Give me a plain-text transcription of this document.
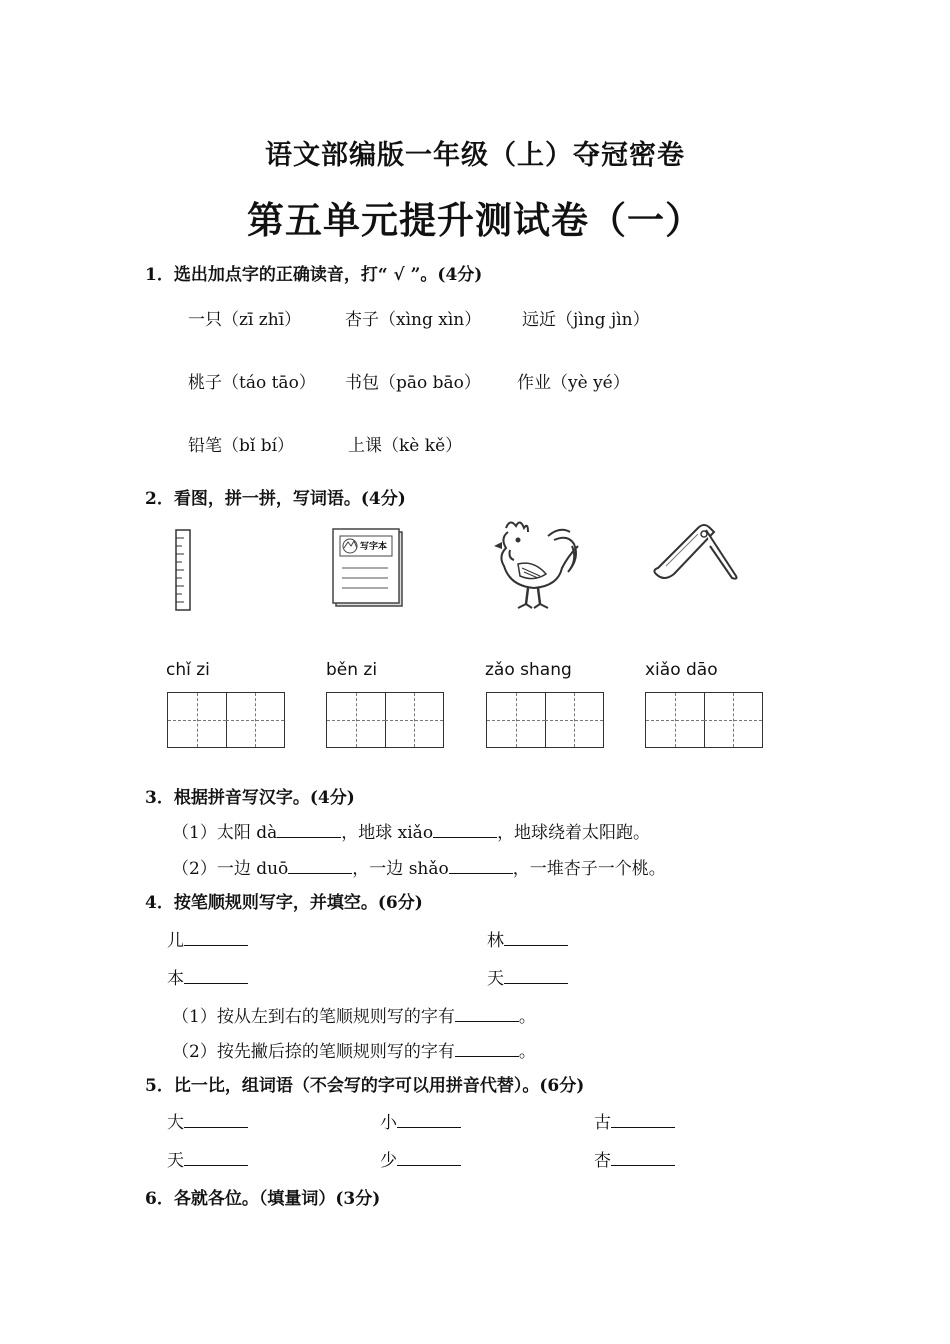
语文部编版一年级（上）夺冠密卷
第五单元提升测试卷（一）
1．选出加点字的正确读音，打“ √ ”。(4分)
一只（zī zhī）	杏子（xìng xìn） 远近（jìng jìn）
桃子（táo tāo） 书包（pāo bāo） 作业（yè yé）
铅笔（bǐ bí）	上课（kè kě）
2．看图，拼一拼，写词语。(4分)
写字本
chǐ zi	běn zi	zǎo shang	xiǎo dāo
3．根据拼音写汉字。(4分)
（1）太阳 dà	，地球 xiǎo	，地球绕着太阳跑。
（2）一边 duō	，一边 shǎo	，一堆杏子一个桃。
4．按笔顺规则写字，并填空。(6分)
儿	林
本	天
（1）按从左到右的笔顺规则写的字有	。
（2）按先撇后捺的笔顺规则写的字有	。
5．比一比，组词语（不会写的字可以用拼音代替）。(6分)
大	小	古
天	少	杏
6．各就各位。（填量词）(3分)
